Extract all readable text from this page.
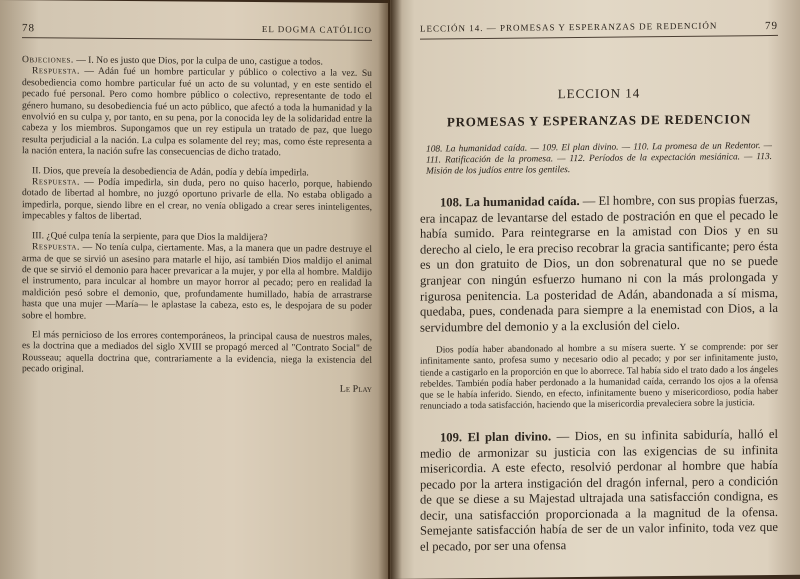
78	EL DOGMA CATÓLICO

Objeciones. — I. No es justo que Dios, por la culpa de uno, castigue a todos.

Respuesta. — Adán fué un hombre particular y público o colectivo a la vez. Su desobediencia como hombre particular fué un acto de su voluntad, y en este sentido el pecado fué personal. Pero como hombre público o colectivo, representante de todo el género humano, su desobediencia fué un acto público, que afectó a toda la humanidad y la envolvió en su culpa y, por tanto, en su pena, por la conocida ley de la solidaridad entre la cabeza y los miembros. Supongamos que un rey estipula un tratado de paz, que luego resulta perjudicial a la nación. La culpa es solamente del rey; mas, como éste representa a la nación entera, la nación sufre las consecuencias de dicho tratado.

II. Dios, que preveía la desobediencia de Adán, podía y debía impedirla.

Respuesta. — Podía impedirla, sin duda, pero no quiso hacerlo, porque, habiendo dotado de libertad al hombre, no juzgó oportuno privarle de ella. No estaba obligado a impedirla, porque, siendo libre en el crear, no venía obligado a crear seres ininteligentes, impecables y faltos de libertad.

III. ¿Qué culpa tenía la serpiente, para que Dios la maldijera?

Respuesta. — No tenía culpa, ciertamente. Mas, a la manera que un padre destruye el arma de que se sirvió un asesino para matarle el hijo, así también Dios maldijo el animal de que se sirvió el demonio para hacer prevaricar a la mujer, y por ella al hombre. Maldijo el instrumento, para inculcar al hombre un mayor horror al pecado; pero en realidad la maldición pesó sobre el demonio, que, profundamente humillado, había de arrastrarse hasta que una mujer —María— le aplastase la cabeza, esto es, le despojara de su poder sobre el hombre.

El más pernicioso de los errores contemporáneos, la principal causa de nuestros males, es la doctrina que a mediados del siglo XVIII se propagó merced al "Contrato Social" de Rousseau; aquella doctrina que, contrariamente a la evidencia, niega la existencia del pecado original.

Le Play
LECCIÓN 14. — PROMESAS Y ESPERANZAS DE REDENCIÓN	79
LECCION 14
PROMESAS Y ESPERANZAS DE REDENCION

108. La humanidad caída. — 109. El plan divino. — 110. La promesa de un Redentor. — 111. Ratificación de la promesa. — 112. Períodos de la expectación mesiánica. — 113. Misión de los judíos entre los gentiles.

108. La humanidad caída. — El hombre, con sus propias fuerzas, era incapaz de levantarse del estado de postración en que el pecado le había sumido. Para reintegrarse en la amistad con Dios y en su derecho al cielo, le era preciso recobrar la gracia santificante; pero ésta es un don gratuito de Dios, un don sobrenatural que no se puede granjear con ningún esfuerzo humano ni con la más prolongada y rigurosa penitencia. La posteridad de Adán, abandonada a sí misma, quedaba, pues, condenada para siempre a la enemistad con Dios, a la servidumbre del demonio y a la exclusión del cielo.

Dios podía haber abandonado al hombre a su mísera suerte. Y se comprende: por ser infinitamente santo, profesa sumo y necesario odio al pecado; y por ser infinitamente justo, tiende a castigarlo en la proporción en que lo aborrece. Tal había sido el trato dado a los ángeles rebeldes. También podía haber perdonado a la humanidad caída, cerrando los ojos a la ofensa que se le había inferido. Siendo, en efecto, infinitamente bueno y misericordioso, podía haber renunciado a toda satisfacción, haciendo que la misericordia prevaleciera sobre la justicia.

109. El plan divino. — Dios, en su infinita sabiduría, halló el medio de armonizar su justicia con las exigencias de su infinita misericordia. A este efecto, resolvió perdonar al hombre que había pecado por la artera instigación del dragón infernal, pero a condición de que se diese a su Majestad ultrajada una satisfacción condigna, es decir, una satisfacción proporcionada a la magnitud de la ofensa. Semejante satisfacción había de ser de un valor infinito, toda vez que el pecado, por ser una ofensa
